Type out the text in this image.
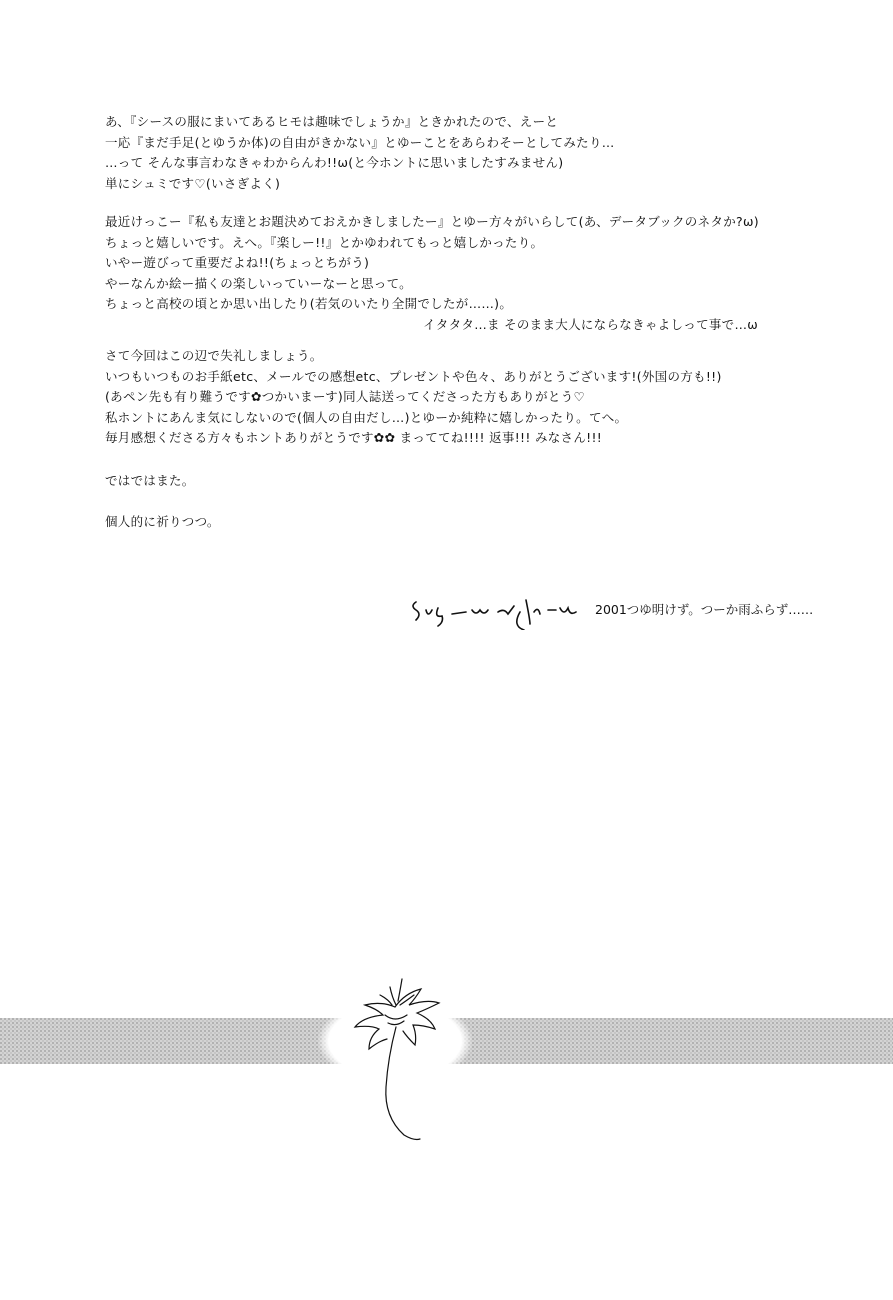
あ、『シースの服にまいてあるヒモは趣味でしょうか』ときかれたので、えーと
一応『まだ手足(とゆうか体)の自由がきかない』とゆーことをあらわそーとしてみたり…
…って そんな事言わなきゃわからんわ!!ω(と今ホントに思いましたすみません)
単にシュミです♡(いさぎよく)
最近けっこー『私も友達とお題決めておえかきしましたー』とゆー方々がいらして(あ、データブックのネタか?ω)
ちょっと嬉しいです。えへ。『楽しー!!』とかゆわれてもっと嬉しかったり。
いやー遊びって重要だよね!!(ちょっとちがう)
やーなんか絵ー描くの楽しいっていーなーと思って。
ちょっと高校の頃とか思い出したり(若気のいたり全開でしたが……)。
イタタタ…ま そのまま大人にならなきゃよしって事で…ω
さて今回はこの辺で失礼しましょう。
いつもいつものお手紙etc、メールでの感想etc、プレゼントや色々、ありがとうございます!(外国の方も!!)
(あペン先も有り難うです✿つかいまーす)同人誌送ってくださった方もありがとう♡
私ホントにあんま気にしないので(個人の自由だし…)とゆーか純粋に嬉しかったり。てへ。
毎月感想くださる方々もホントありがとうです✿✿ まっててね!!!! 返事!!! みなさん!!!
ではではまた。
個人的に祈りつつ。
2001つゆ明けず。つーか雨ふらず……
